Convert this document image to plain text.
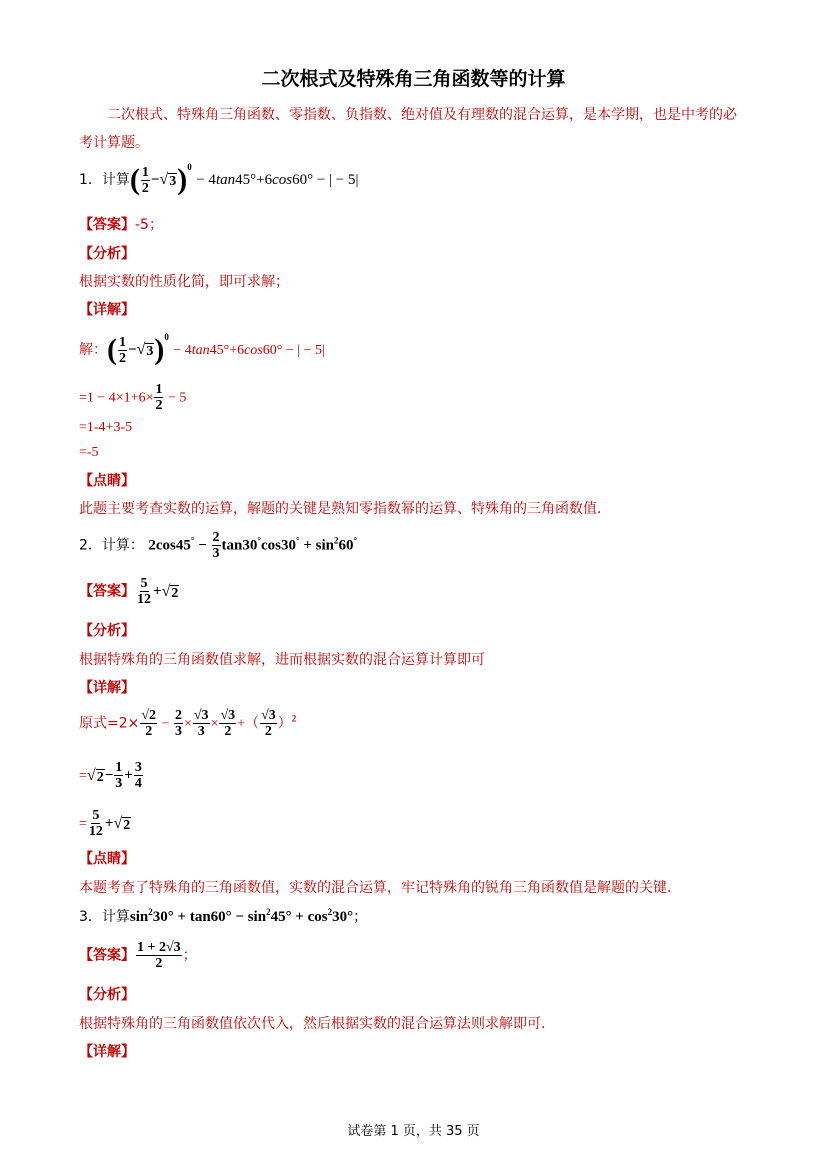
二次根式及特殊角三角函数等的计算
二次根式、特殊角三角函数、零指数、负指数、绝对值及有理数的混合运算，是本学期，也是中考的必考计算题。
1．计算( $\frac{1}{2}$ − √ 3 )$^0$ − 4tan45°+6cos60° − | − 5|
【答案】-5；
【分析】
根据实数的性质化简，即可求解；
【详解】
解：( $\frac{1}{2}$ − √ 3 )$^0$ − 4tan45°+6cos60° − | − 5|
$=1 - 4\times 1+6\times \frac{1}{2} - 5$
=1-4+3-5
=-5
【点睛】
此题主要考查实数的运算，解题的关键是熟知零指数幂的运算、特殊角的三角函数值．
2．计算： $2\cos 45^\circ - \frac{2}{3} \tan 30^\circ\cos 30^\circ + \sin^260^\circ$
【答案】 $\frac{5}{12}$ + √ 2
【分析】
根据特殊角的三角函数值求解，进而根据实数的混合运算计算即可
【详解】
原式$=2\times \frac{√2}{2} - \frac{2}{3} \times \frac{√3}{3} \times \frac{√3}{2}$ +（ $\frac{√3}{2} )^2$
= √ $2 - \frac{1}{3} + \frac{3}{4}$
= $\frac{5}{12}$ + √ 2
【点睛】
本题考查了特殊角的三角函数值，实数的混合运算，牢记特殊角的锐角三角函数值是解题的关键．
3．计算$\sin^230^\circ + \tan 60^\circ - \sin^245^\circ + \cos^230^\circ$；
【答案】 $\frac{1 + 2√3}{2}$ ；
【分析】
根据特殊角的三角函数值依次代入，然后根据实数的混合运算法则求解即可．
【详解】
试卷第 1 页，共 35 页
